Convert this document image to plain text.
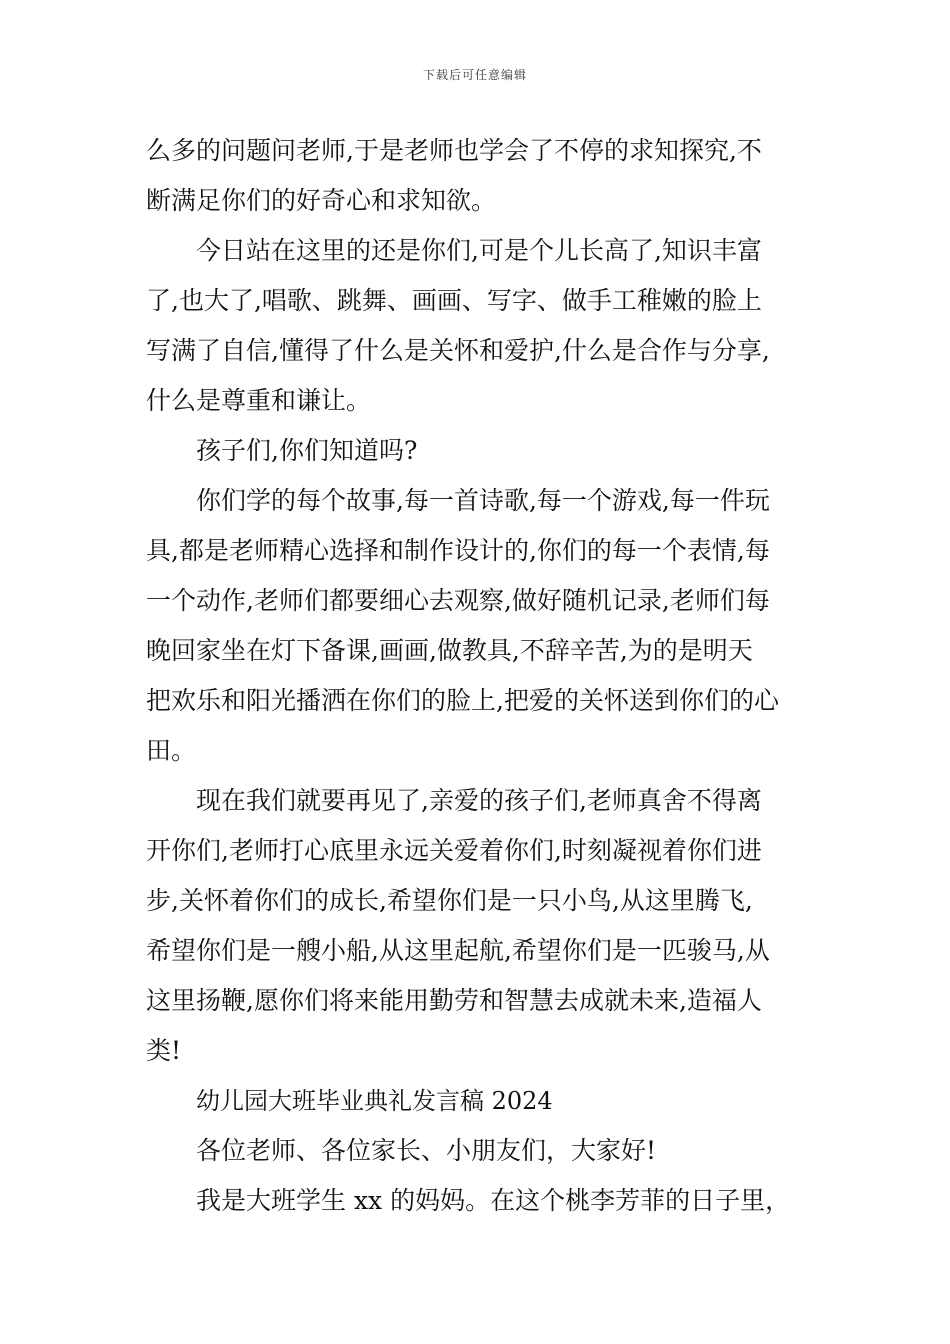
下载后可任意编辑
么多的问题问老师,于是老师也学会了不停的求知探究,不
断满足你们的好奇心和求知欲。
今日站在这里的还是你们,可是个儿长高了,知识丰富
了,也大了,唱歌、跳舞、画画、写字、做手工稚嫩的脸上
写满了自信,懂得了什么是关怀和爱护,什么是合作与分享,
什么是尊重和谦让。
孩子们,你们知道吗?
你们学的每个故事,每一首诗歌,每一个游戏,每一件玩
具,都是老师精心选择和制作设计的,你们的每一个表情,每
一个动作,老师们都要细心去观察,做好随机记录,老师们每
晚回家坐在灯下备课,画画,做教具,不辞辛苦,为的是明天
把欢乐和阳光播洒在你们的脸上,把爱的关怀送到你们的心
田。
现在我们就要再见了,亲爱的孩子们,老师真舍不得离
开你们,老师打心底里永远关爱着你们,时刻凝视着你们进
步,关怀着你们的成长,希望你们是一只小鸟,从这里腾飞,
希望你们是一艘小船,从这里起航,希望你们是一匹骏马,从
这里扬鞭,愿你们将来能用勤劳和智慧去成就未来,造福人
类!
幼儿园大班毕业典礼发言稿 2024
各位老师、各位家长、小朋友们，大家好!
我是大班学生 xx 的妈妈。在这个桃李芳菲的日子里，
